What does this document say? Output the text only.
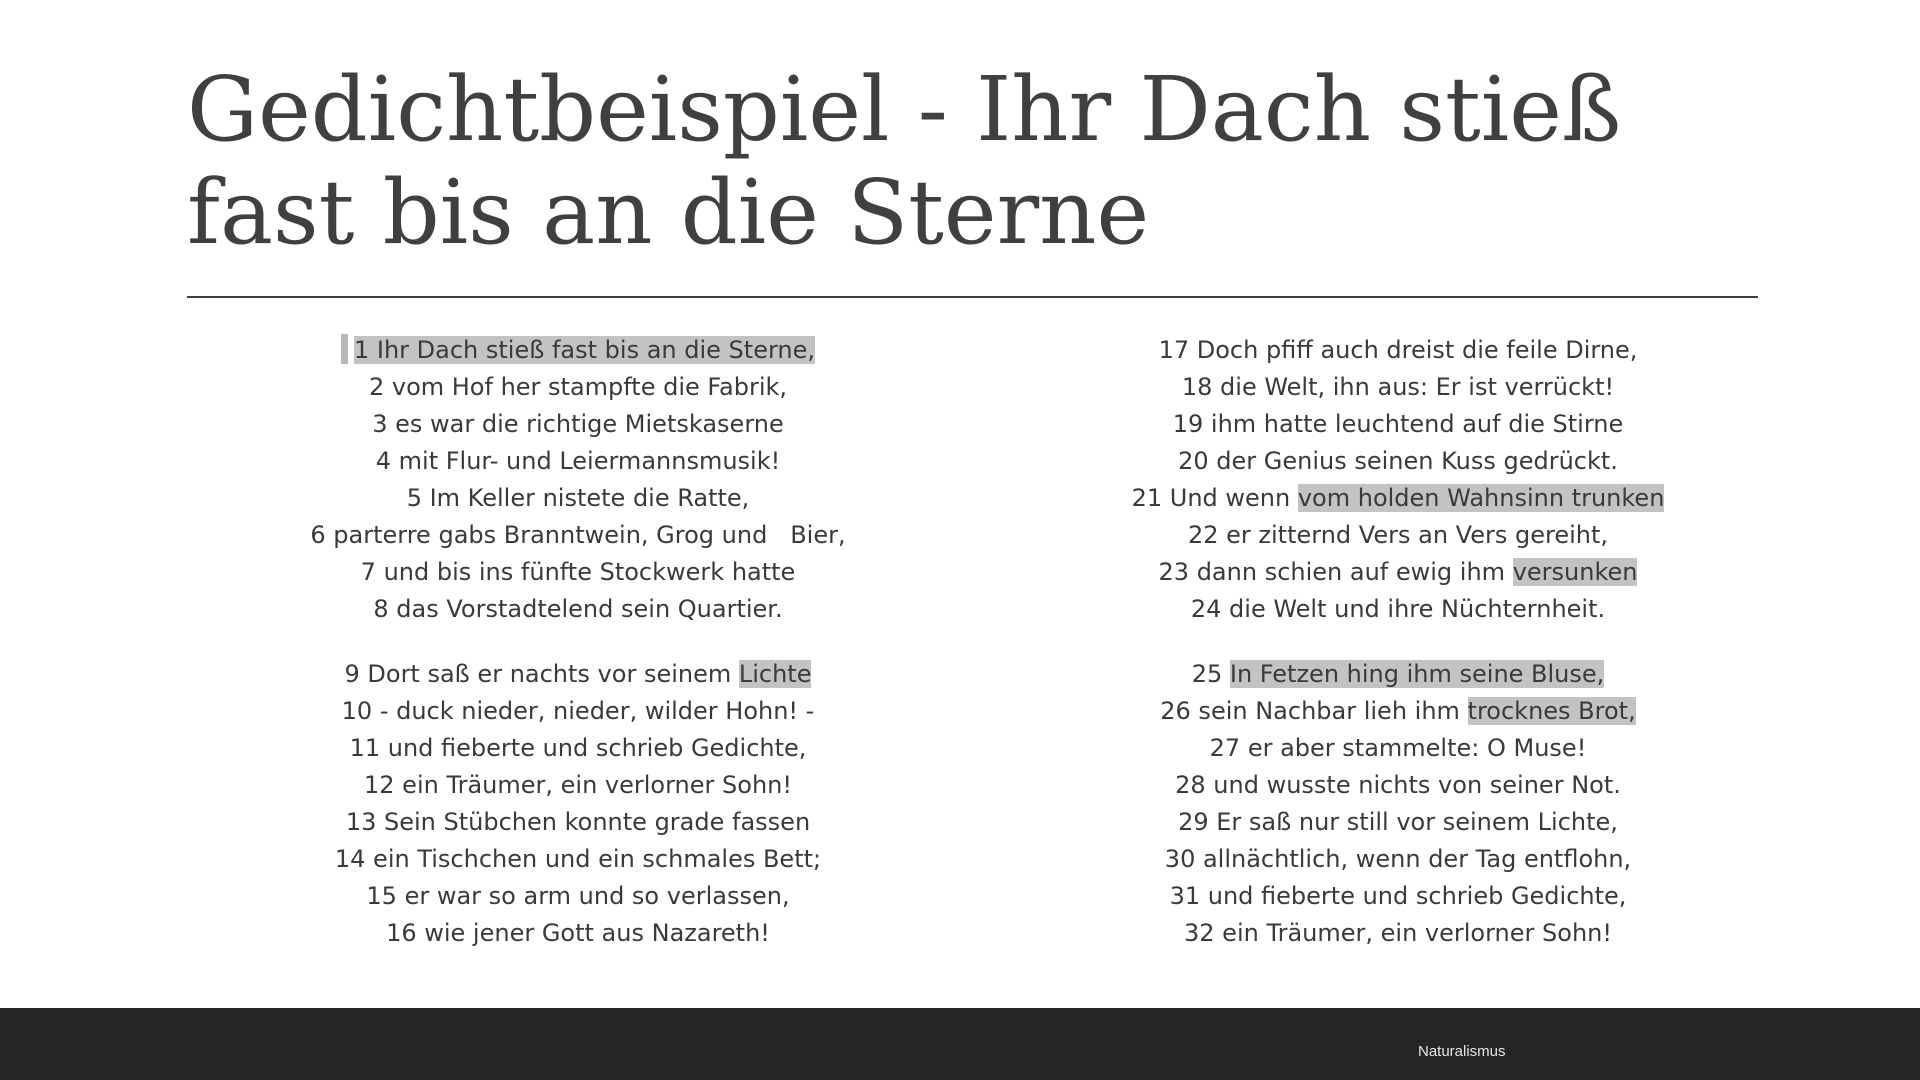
Gedichtbeispiel - Ihr Dach stieß fast bis an die Sterne
1 Ihr Dach stieß fast bis an die Sterne,
2 vom Hof her stampfte die Fabrik,
3 es war die richtige Mietskaserne
4 mit Flur- und Leiermannsmusik!
5 Im Keller nistete die Ratte,
6 parterre gabs Branntwein, Grog und   Bier,
7 und bis ins fünfte Stockwerk hatte
8 das Vorstadtelend sein Quartier.
9 Dort saß er nachts vor seinem Lichte
10 - duck nieder, nieder, wilder Hohn! -
11 und fieberte und schrieb Gedichte,
12 ein Träumer, ein verlorner Sohn!
13 Sein Stübchen konnte grade fassen
14 ein Tischchen und ein schmales Bett;
15 er war so arm und so verlassen,
16 wie jener Gott aus Nazareth!
17 Doch pfiff auch dreist die feile Dirne,
18 die Welt, ihn aus: Er ist verrückt!
19 ihm hatte leuchtend auf die Stirne
20 der Genius seinen Kuss gedrückt.
21 Und wenn vom holden Wahnsinn trunken
22 er zitternd Vers an Vers gereiht,
23 dann schien auf ewig ihm versunken
24 die Welt und ihre Nüchternheit.
25 In Fetzen hing ihm seine Bluse,
26 sein Nachbar lieh ihm trocknes Brot,
27 er aber stammelte: O Muse!
28 und wusste nichts von seiner Not.
29 Er saß nur still vor seinem Lichte,
30 allnächtlich, wenn der Tag entflohn,
31 und fieberte und schrieb Gedichte,
32 ein Träumer, ein verlorner Sohn!
Naturalismus
